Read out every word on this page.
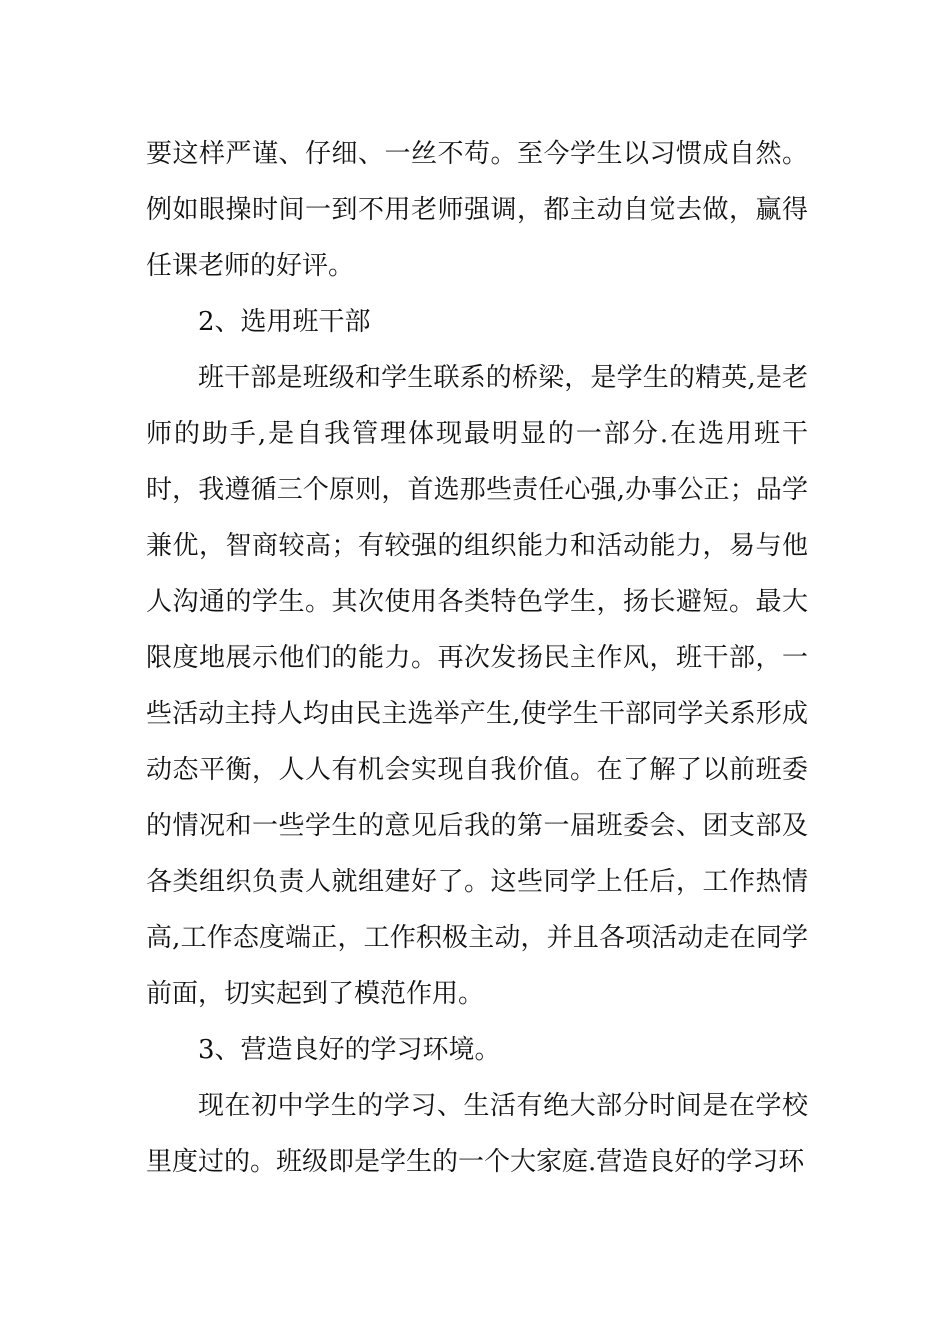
要这样严谨、仔细、一丝不苟。至今学生以习惯成自然。例如眼操时间一到不用老师强调，都主动自觉去做，赢得任课老师的好评。

2、选用班干部

班干部是班级和学生联系的桥梁，是学生的精英,是老师的助手,是自我管理体现最明显的一部分.在选用班干时，我遵循三个原则，首选那些责任心强,办事公正；品学兼优，智商较高；有较强的组织能力和活动能力，易与他人沟通的学生。其次使用各类特色学生，扬长避短。最大限度地展示他们的能力。再次发扬民主作风，班干部，一些活动主持人均由民主选举产生,使学生干部同学关系形成动态平衡，人人有机会实现自我价值。在了解了以前班委的情况和一些学生的意见后我的第一届班委会、团支部及各类组织负责人就组建好了。这些同学上任后，工作热情高,工作态度端正，工作积极主动，并且各项活动走在同学前面，切实起到了模范作用。

3、营造良好的学习环境。

现在初中学生的学习、生活有绝大部分时间是在学校里度过的。班级即是学生的一个大家庭.营造良好的学习环
